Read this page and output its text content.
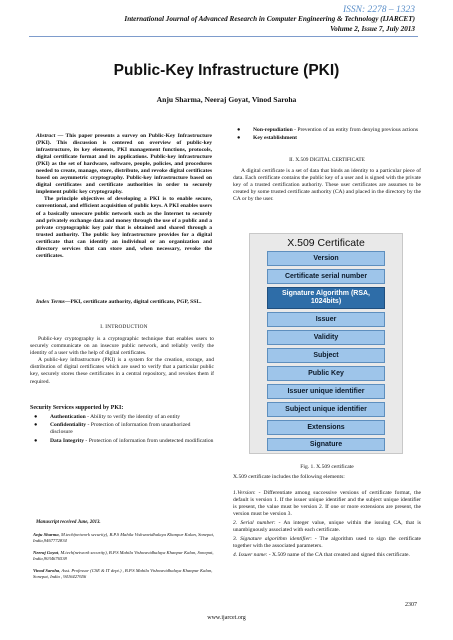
ISSN: 2278 – 1323
International Journal of Advanced Research in Computer Engineering & Technology (IJARCET)
Volume 2, Issue 7, July 2013
Public-Key Infrastructure (PKI)
Anju Sharma, Neeraj Goyat, Vinod Saroha

Abstract — This paper presents a survey on Public-Key Infrastructure (PKI). This discussion is centered on overview of public-key infrastructure, its key elements, PKI management functions, protocols, digital certificate format and its applications. Public-key infrastructure (PKI) as the set of hardware, software, people, policies, and procedures needed to create, manage, store, distribute, and revoke digital certificates based on asymmetric cryptography. Public-key infrastructure based on digital certificates and certificate authorities in order to securely implement public key cryptography.

The principle objectives of developing a PKI is to enable secure, conventional, and efficient acquisition of public keys. A PKI enables users of a basically unsecure public network such as the Internet to securely and privately exchange data and money through the use of a public and a private cryptographic key pair that is obtained and shared through a trusted authority. The public key infrastructure provides for a digital certificate that can identify an individual or an organization and directory services that can store and, when necessary, revoke the certificates.

Index Terms—PKI, certificate authority, digital certificate, PGP, SSL.
I. INTRODUCTION

Public-key cryptography is a cryptographic technique that enables users to securely communicate on an insecure public network, and reliably verify the identity of a user with the help of digital certificates.

A public-key infrastructure (PKI) is a system for the creation, storage, and distribution of digital certificates which are used to verify that a particular public key, securely stores these certificates in a central repository, and revokes them if required.

Security Services supported by PKI:
● Authentication - Ability to verify the identity of an entity
● Confidentiality - Protection of information from unauthorized disclosure
● Data Integrity - Protection of information from undetected modification
Manuscript received June, 2013.
Anju Sharma, M.tech(network security), B.P.S Mahila Vishwavidhalaya Khanpur Kalan, Sonepat, India,9467772834
Neeraj Goyat, M.tech(network security), B.P.S Mahila Vishwavidhalaya Khanpur Kalan, Sonepat, India,9034676538
Vinod Saroha, Asst. Professor (CSE & IT dept.) , B.P.S Mahila Vishwavidhalaya Khanpur Kalan, Sonepat, India , 9416427656
● Non-repudiation - Prevention of an entity from denying previous actions
● Key establishment
II. X.509 DIGITAL CERTIFICATE

A digital certificate is a set of data that binds an identity to a particular piece of data. Each certificate contains the public key of a user and is signed with the private key of a trusted certification authority. These user certificates are assumes to be created by some trusted certificate authority (CA) and placed in the directory by the CA or by the user.

X.509 Certificate
Version
Certificate serial number
Signature Algorithm (RSA, 1024bits)
Issuer
Validity
Subject
Public Key
Issuer unique identifier
Subject unique identifier
Extensions
Signature
Fig. 1. X.509 certificate
X.509 certificate includes the following elements:

1.Version: - Differentiate among successive versions of certificate format, the default is version 1. If the issuer unique identifier and the subject unique identifier is present, the value must be version 2. If one or more extensions are present, the version must be version 3.

2. Serial number: - An integer value, unique within the issuing CA, that is unambiguously associated with each certificate.

3. Signature algorithm identifier: - The algorithm used to sign the certificate together with the associated parameters.

4. Issuer name: - X.509 name of the CA that created and signed this certificate.

2307
www.ijarcet.org
